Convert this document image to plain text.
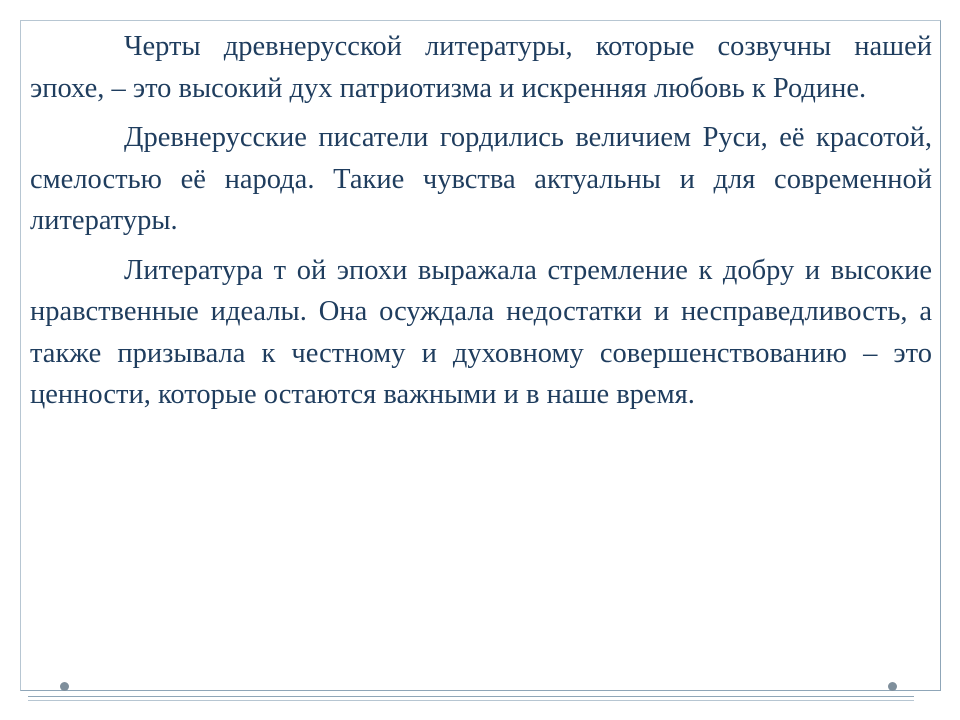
Черты древнерусской литературы, которые созвучны нашей эпохе, – это высокий дух патриотизма и искренняя любовь к Родине.

Древнерусские писатели гордились величием Руси, её красотой, смелостью её народа. Такие чувства актуальны и для современной литературы.

Литература т ой эпохи выражала стремление к добру и высокие нравственные идеалы. Она осуждала недостатки и несправедливость, а также призывала к честному и духовному совершенствованию – это ценности, которые остаются важными и в наше время.
